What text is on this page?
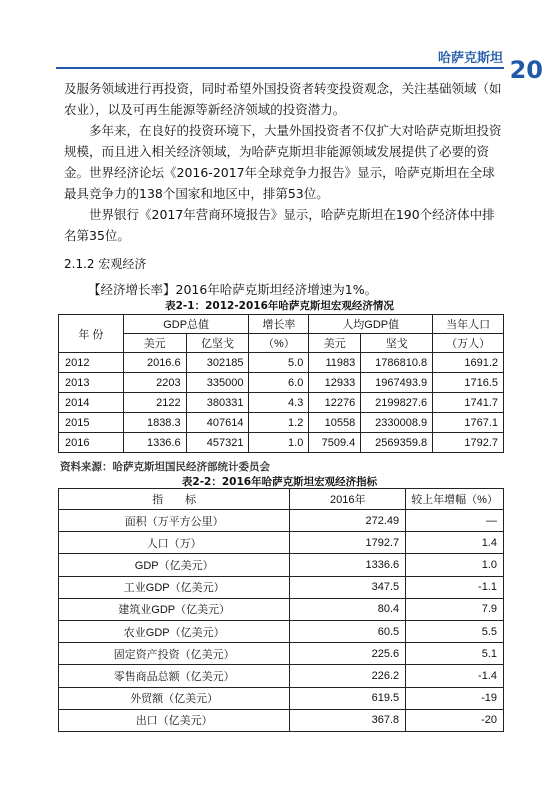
哈萨克斯坦 20

及服务领域进行再投资，同时希望外国投资者转变投资观念，关注基础领域（如农业），以及可再生能源等新经济领域的投资潜力。

多年来，在良好的投资环境下，大量外国投资者不仅扩大对哈萨克斯坦投资规模，而且进入相关经济领域，为哈萨克斯坦非能源领域发展提供了必要的资金。 世界经济论坛《2016-2017年全球竞争力报告》显示，哈萨克斯坦在全球最具竞争力的138个国家和地区中，排第53位。

世界银行《2017年营商环境报告》显示，哈萨克斯坦在190个经济体中排名第35位。

2.1.2 宏观经济
【经济增长率】2016年哈萨克斯坦经济增速为1%。
表2-1：2012-2016年哈萨克斯坦宏观经济情况
年 份	GDP总值		增长率	人均GDP值		当年人口
	美元	亿坚戈	（%）	美元	坚戈	（万人）
2012	2016.6	302185	5.0	11983	1786810.8	1691.2
2013	2203	335000	6.0	12933	1967493.9	1716.5
2014	2122	380331	4.3	12276	2199827.6	1741.7
2015	1838.3	407614	1.2	10558	2330008.9	1767.1
2016	1336.6	457321	1.0	7509.4	2569359.8	1792.7
资料来源：哈萨克斯坦国民经济部统计委员会
表2-2：2016年哈萨克斯坦宏观经济指标
指　　标	2016年	较上年增幅（%）
面积（万平方公里）	272.49	—
人口（万）	1792.7	1.4
GDP（亿美元）	1336.6	1.0
工业GDP（亿美元）	347.5	-1.1
建筑业GDP（亿美元）	80.4	7.9
农业GDP（亿美元）	60.5	5.5
固定资产投资（亿美元）	225.6	5.1
零售商品总额（亿美元）	226.2	-1.4
外贸额（亿美元）	619.5	-19
出口（亿美元）	367.8	-20
